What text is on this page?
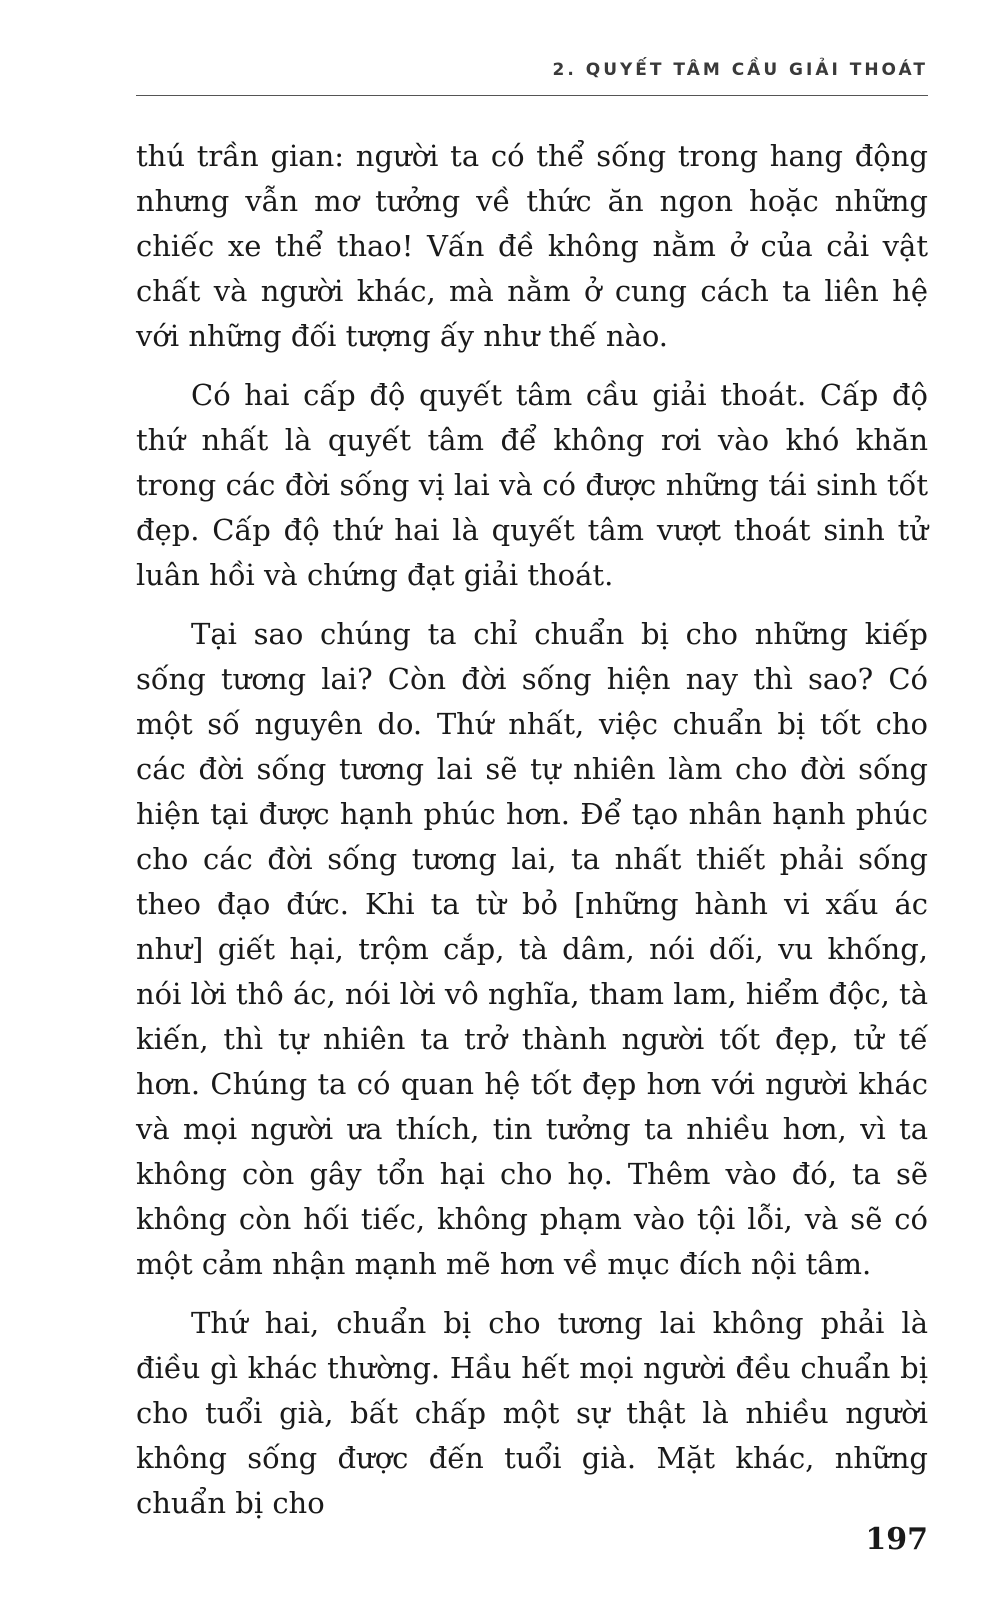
2. QUYẾT TÂM CẦU GIẢI THOÁT

thú trần gian: người ta có thể sống trong hang động nhưng vẫn mơ tưởng về thức ăn ngon hoặc những chiếc xe thể thao! Vấn đề không nằm ở của cải vật chất và người khác, mà nằm ở cung cách ta liên hệ với những đối tượng ấy như thế nào.

Có hai cấp độ quyết tâm cầu giải thoát. Cấp độ thứ nhất là quyết tâm để không rơi vào khó khăn trong các đời sống vị lai và có được những tái sinh tốt đẹp. Cấp độ thứ hai là quyết tâm vượt thoát sinh tử luân hồi và chứng đạt giải thoát.

Tại sao chúng ta chỉ chuẩn bị cho những kiếp sống tương lai? Còn đời sống hiện nay thì sao? Có một số nguyên do. Thứ nhất, việc chuẩn bị tốt cho các đời sống tương lai sẽ tự nhiên làm cho đời sống hiện tại được hạnh phúc hơn. Để tạo nhân hạnh phúc cho các đời sống tương lai, ta nhất thiết phải sống theo đạo đức. Khi ta từ bỏ [những hành vi xấu ác như] giết hại, trộm cắp, tà dâm, nói dối, vu khống, nói lời thô ác, nói lời vô nghĩa, tham lam, hiểm độc, tà kiến, thì tự nhiên ta trở thành người tốt đẹp, tử tế hơn. Chúng ta có quan hệ tốt đẹp hơn với người khác và mọi người ưa thích, tin tưởng ta nhiều hơn, vì ta không còn gây tổn hại cho họ. Thêm vào đó, ta sẽ không còn hối tiếc, không phạm vào tội lỗi, và sẽ có một cảm nhận mạnh mẽ hơn về mục đích nội tâm.

Thứ hai, chuẩn bị cho tương lai không phải là điều gì khác thường. Hầu hết mọi người đều chuẩn bị cho tuổi già, bất chấp một sự thật là nhiều người không sống được đến tuổi già. Mặt khác, những chuẩn bị cho

197
